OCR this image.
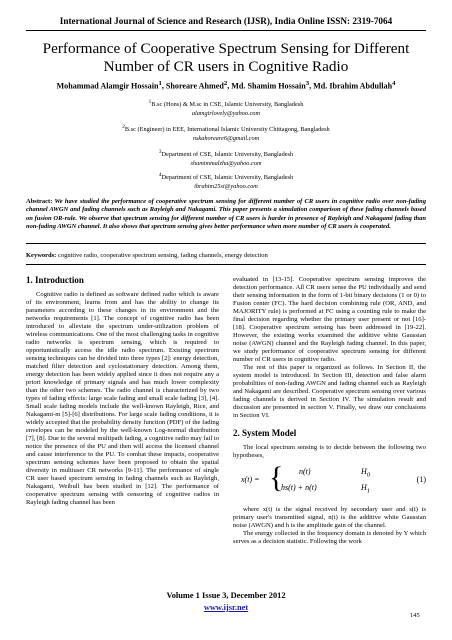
International Journal of Science and Research (IJSR), India Online ISSN: 2319-7064
Performance of Cooperative Spectrum Sensing for Different
Number of CR users in Cognitive Radio
Mohammad Alamgir Hossain$^1$, Shoreare Ahmed$^2$, Md. Shamim Hossain$^3$, Md. Ibrahim Abdullah$^4$
$^1$B.sc (Hons) & M.sc in CSE, Islamic University, Bangladesh
alamgirlovely@yahoo.com
$^2$B.sc (Engineer) in EEE, International Islamic University Chittagong, Bangladesh
nskahoreare6@gmail.com
$^3$Department of CSE, Islamic University, Bangladesh
shamimmalzha@yahoo.com
$^4$Department of CSE, Islamic University, Bangladesh
ibrahim25si@yahoo.com
Abstract: We have studied the performance of cooperative spectrum sensing for different number of CR users in cognitive radio over non-fading channel AWGN and fading channels such as Rayleigh and Nakagami. This paper presents a simulation comparison of these fading channels based on fusion OR-rule. We observe that spectrum sensing for different number of CR users is harder in presence of Rayleigh and Nakagami fading than non-fading AWGN channel. It also shows that spectrum sensing gives better performance when more number of CR users is cooperated.
Keywords: cognitive radio, cooperative spectrum sensing, fading channels, energy detection
1. Introduction

Cognitive radio is defined as software defined radio which is aware of its environment, learns from and has the ability to change its parameters according to these changes in its environment and the networks requirements [1]. The concept of cognitive radio has been introduced to alleviate the spectrum under-utilization problem of wireless communications. One of the most challenging tasks in cognitive radio networks is spectrum sensing, which is required to opportunistically access the idle radio spectrum. Existing spectrum sensing techniques can be divided into three types [2]: energy detection, matched filter detection and cyclostationary detection. Among them, energy detection has been widely applied since it does not require any a priori knowledge of primary signals and has much lower complexity than the other two schemes. The radio channel is characterized by two types of fading effects: large scale fading and small scale fading [3], [4]. Small scale fading models include the well-known Rayleigh, Rice, and Nakagami-m [5]-[6] distributions. For large scale fading conditions, it is widely accepted that the probability density function (PDF) of the fading envelopes can be modeled by the well-known Log-normal distribution [7], [8]. Due to the several multipath fading, a cognitive radio may fail to notice the presence of the PU and then will access the licensed channel and cause interference to the PU. To combat these impacts, cooperative spectrum sensing schemes have been proposed to obtain the spatial diversity in multiuser CR networks [9-11]. The performance of single CR user based spectrum sensing in fading channels such as Rayleigh, Nakagami, Weibull has been studied in [12]. The performance of cooperative spectrum sensing with censoring of cognitive radios in Rayleigh fading channel has been

evaluated in [13-15]. Cooperative spectrum sensing improves the detection performance. All CR users sense the PU individually and send their sensing information in the form of 1-bit binary decisions (1 or 0) to Fusion center (FC). The hard decision combining rule (OR, AND, and MAJORITY rule) is performed at FC using a counting rule to make the final decision regarding whether the primary user present or not [16]-[18]. Cooperative spectrum sensing has been addressed in [19-22]. However, the existing works examined the additive white Gaussian noise (AWGN) channel and the Rayleigh fading channel. In this paper, we study performance of cooperative spectrum sensing for different number of CR users in cognitive radio.

The rest of this paper is organized as follows. In Section II, the system model is introduced. In Section III, detection and false alarm probabilities of non-fading AWGN and fading channel such as Rayleigh and Nakagami are described. Cooperative spectrum sensing over various fading channels is derived in Section IV. The simulation result and discussion are presented in section V. Finally, we draw our conclusions in Section VI.

2. System Model

The local spectrum sensing is to decide between the following two hypotheses,

x(t) = { n(t)	$H_0$
hs(t) + n(t)	$H_1$
(1)

where x(t) is the signal received by secondary user and s(t) is primary user's transmitted signal, n(t) is the additive white Gaussian noise (AWGN) and h is the amplitude gain of the channel.

The energy collected in the frequency domain is denoted by Y which serves as a decision statistic. Following the work

Volume 1 Issue 3, December 2012
www.ijsr.net
145
